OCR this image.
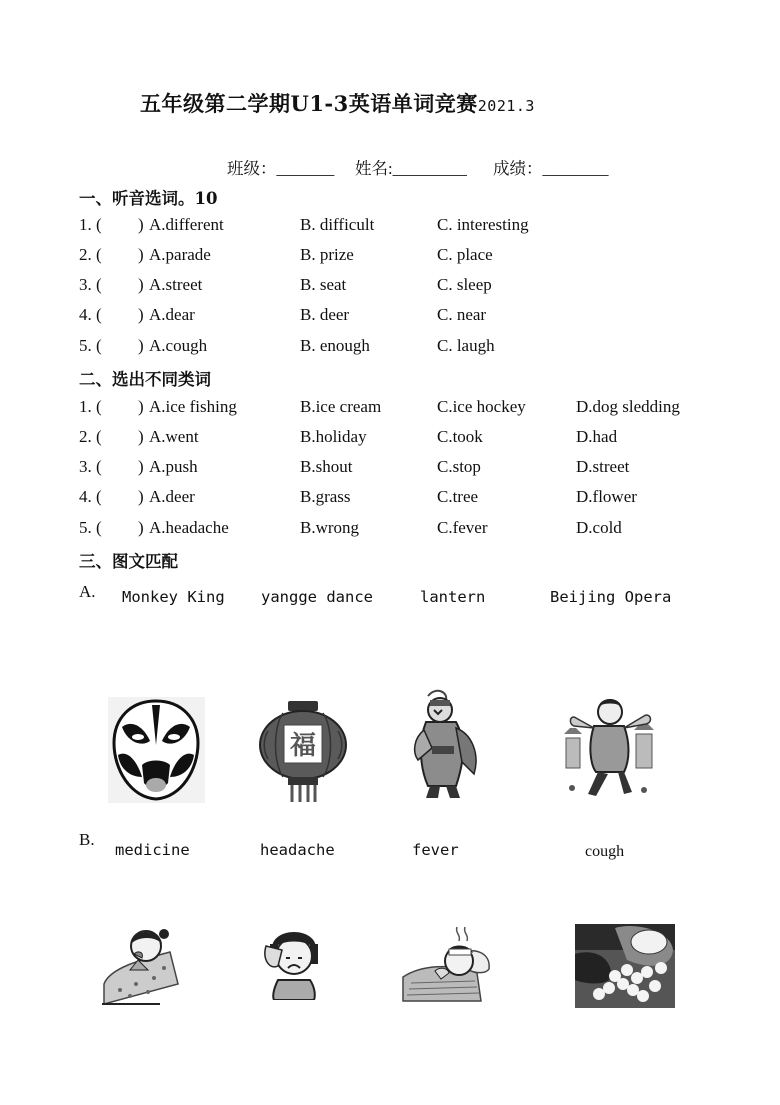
五年级第二学期U1-3英语单词竞赛2021.3
班级：_______ 姓名:_________ 成绩：________
一、听音选词。10
1. ( ) A.different	B. difficult	C. interesting
2. ( ) A.parade	B. prize	C. place
3. ( ) A.street	B. seat	C. sleep
4. ( ) A.dear	B. deer	C. near
5. ( ) A.cough	B. enough	C. laugh
二、选出不同类词
1. ( ) A.ice fishing	B.ice cream	C.ice hockey	D.dog sledding
2. ( ) A.went	B.holiday	C.took	D.had
3. ( ) A.push	B.shout	C.stop	D.street
4. ( ) A.deer	B.grass	C.tree	D.flower
5. ( ) A.headache	B.wrong	C.fever	D.cold
三、图文匹配
A. Monkey King yangge dance	lantern	Beijing Opera
福
B.
medicine	headache	fever	cough
